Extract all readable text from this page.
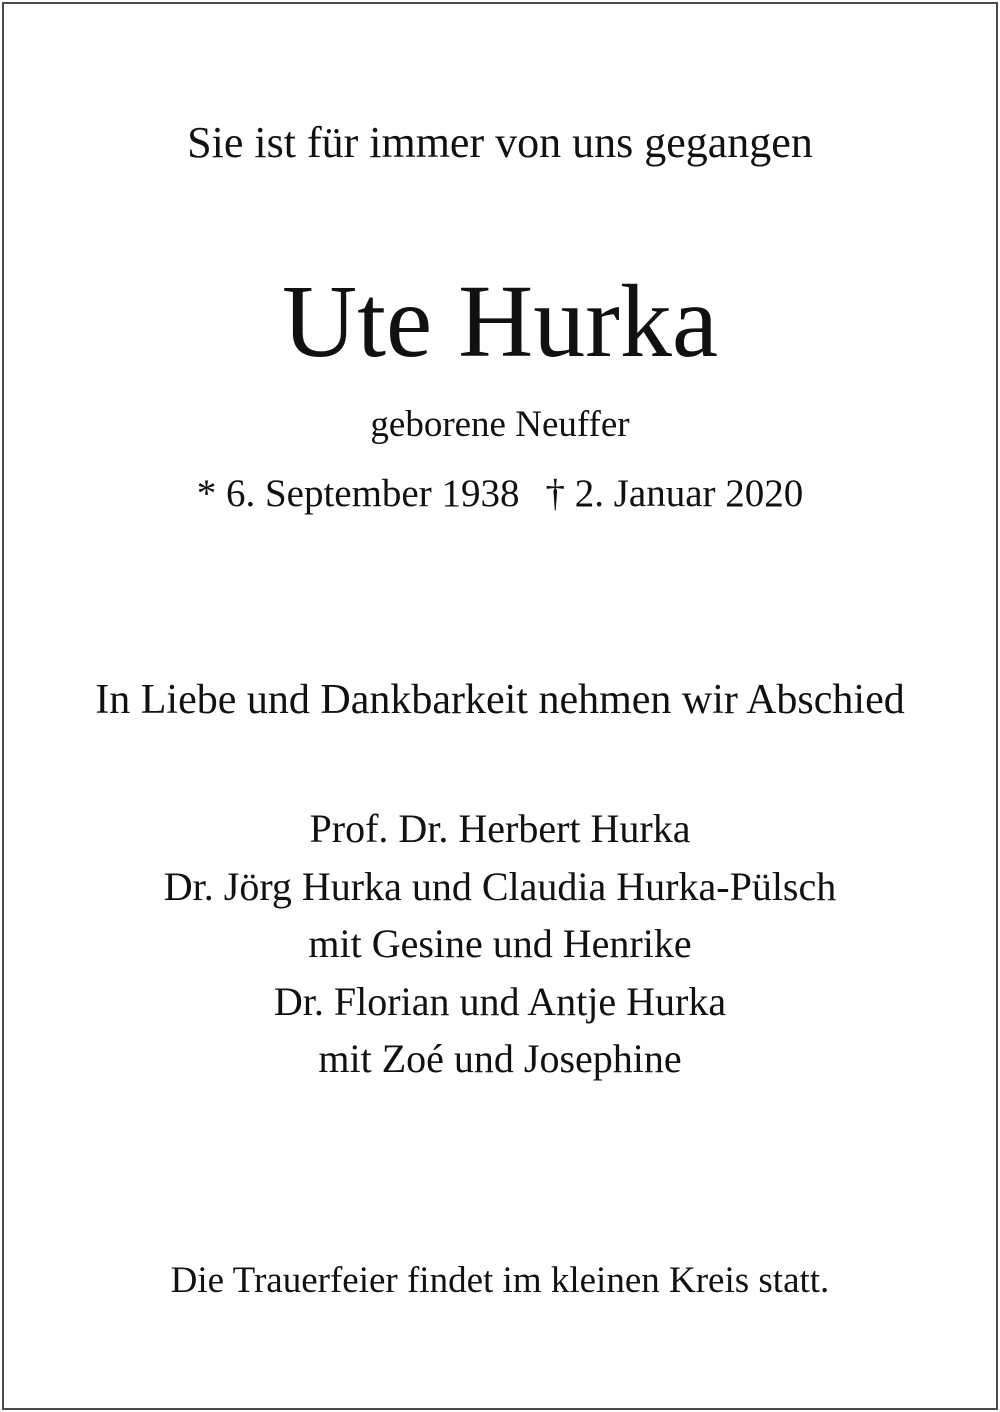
Sie ist für immer von uns gegangen
Ute Hurka
geborene Neuffer
* 6. September 1938 † 2. Januar 2020
In Liebe und Dankbarkeit nehmen wir Abschied
Prof. Dr. Herbert Hurka
Dr. Jörg Hurka und Claudia Hurka-Pülsch
mit Gesine und Henrike
Dr. Florian und Antje Hurka
mit Zoé und Josephine
Die Trauerfeier findet im kleinen Kreis statt.
